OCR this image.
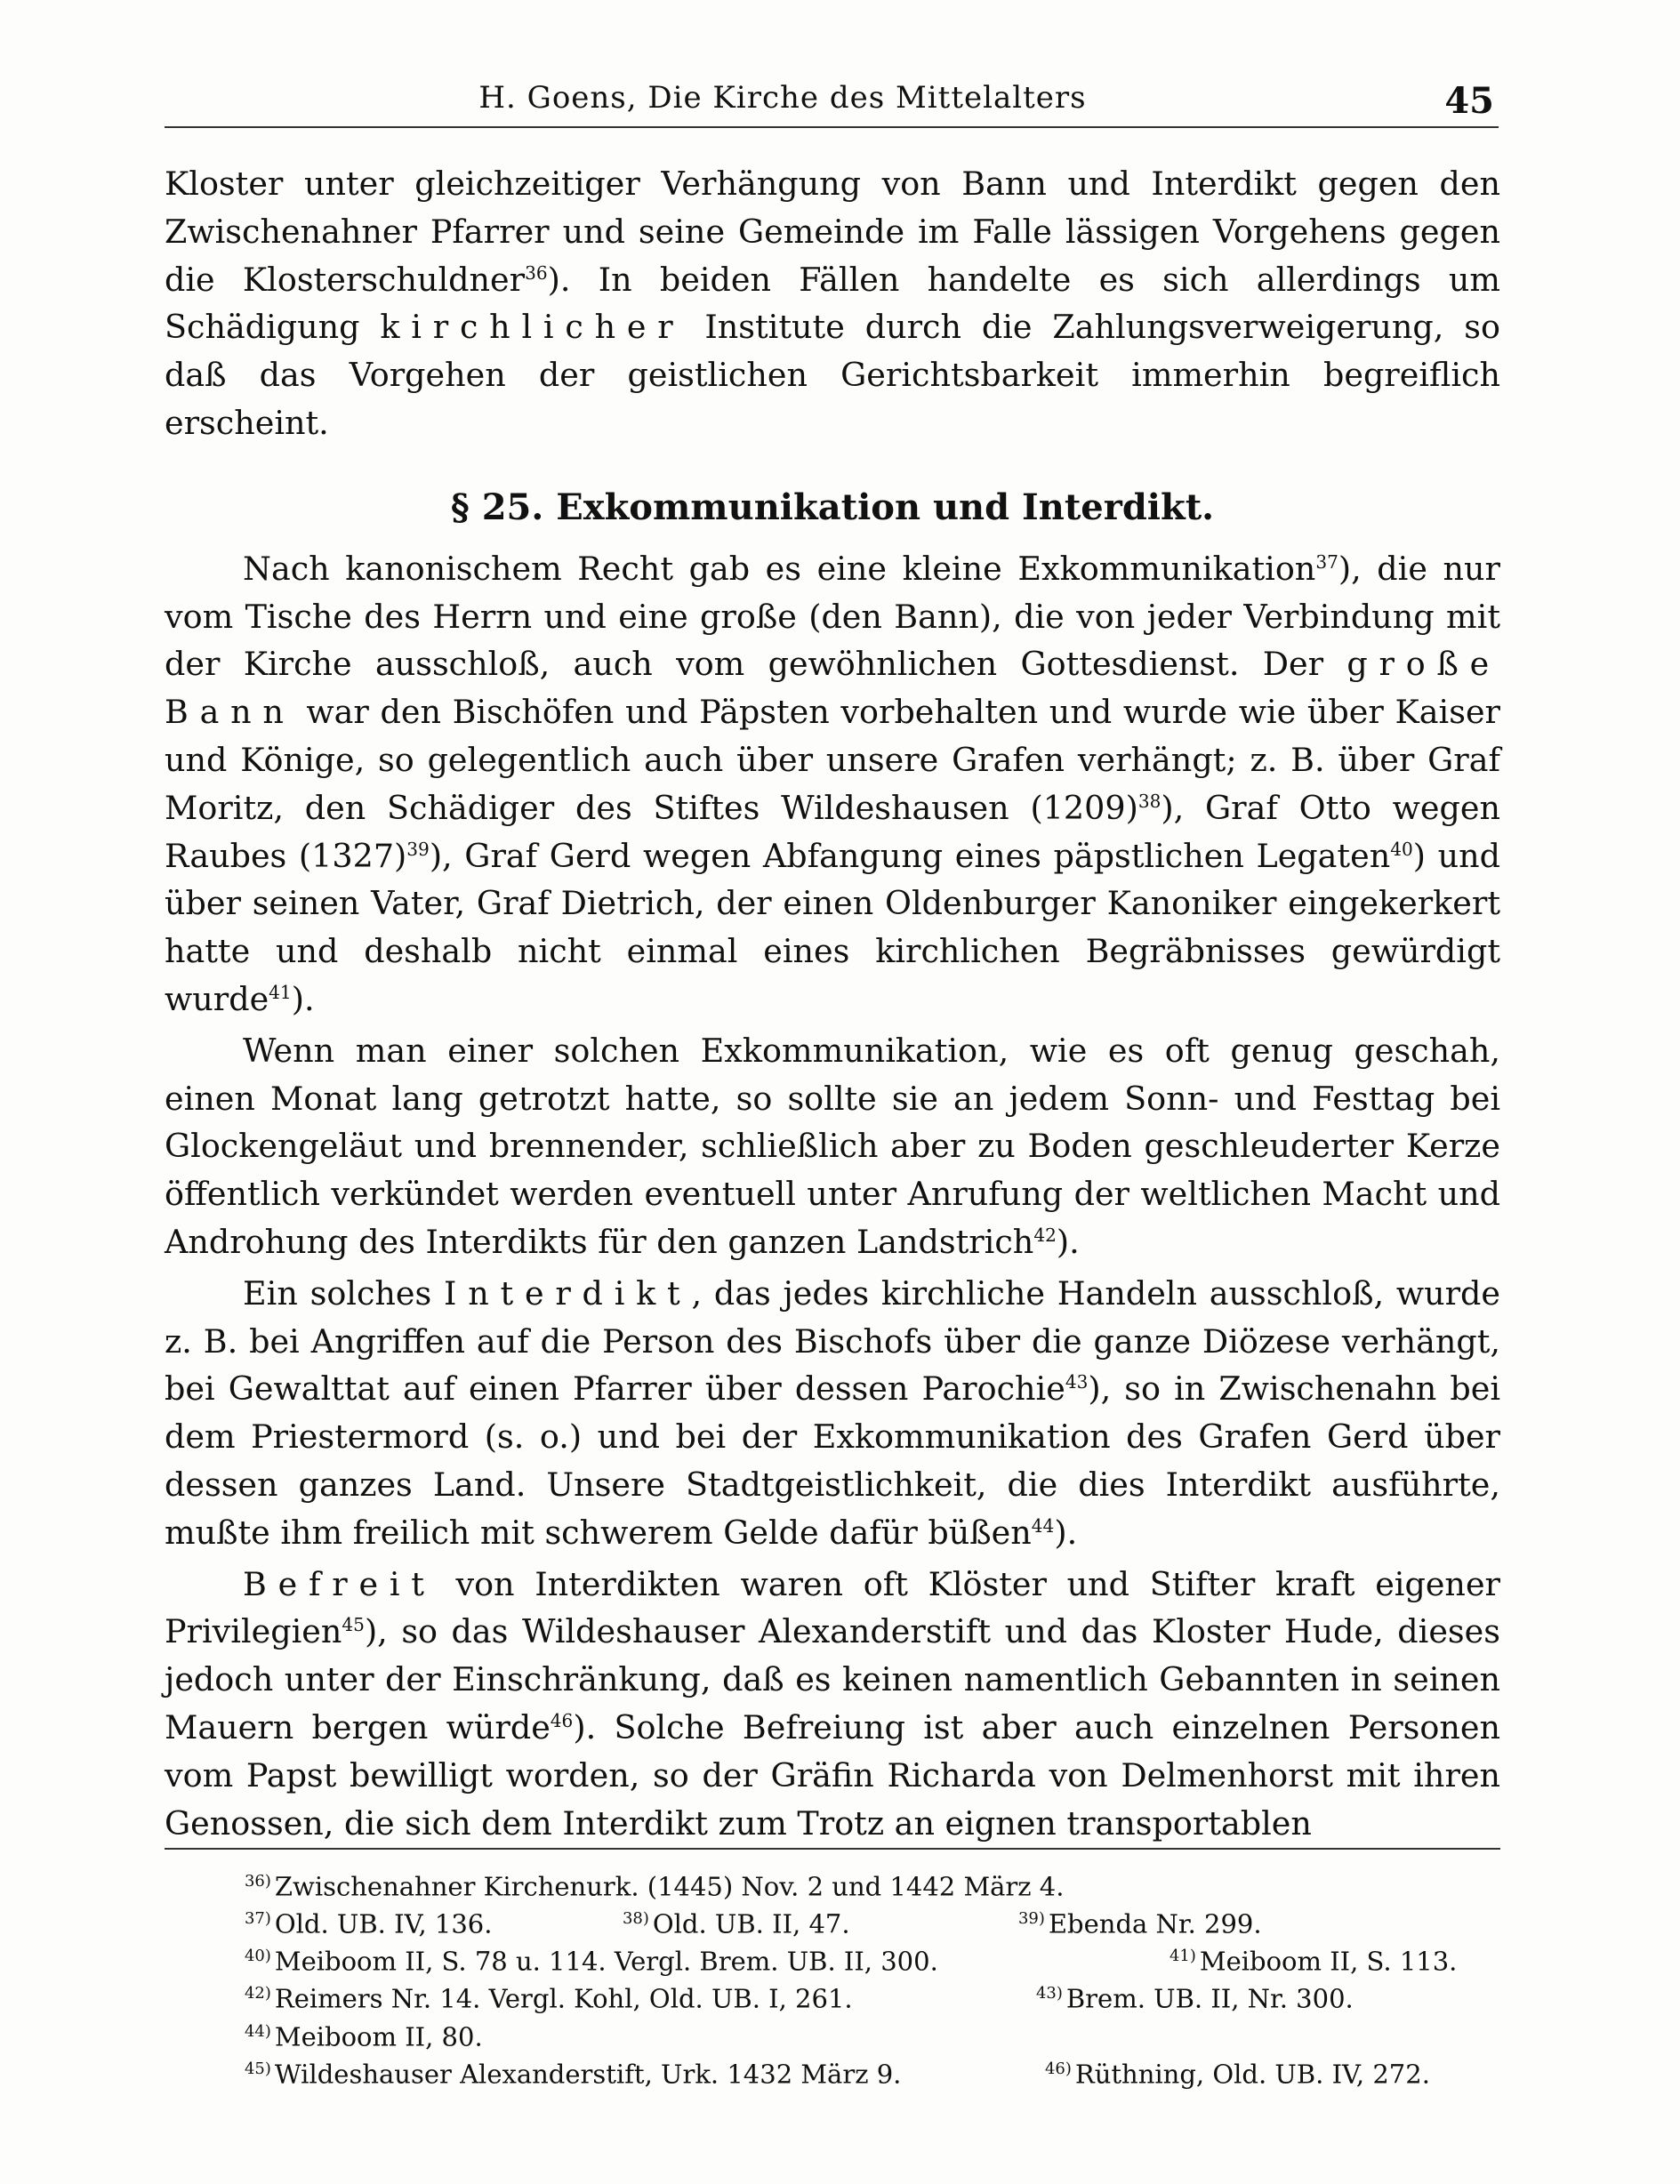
H. Goens, Die Kirche des Mittelalters	45

Kloster unter gleichzeitiger Verhängung von Bann und Interdikt gegen den Zwischenahner Pfarrer und seine Gemeinde im Falle lässigen Vorgehens gegen die Klosterschuldner$^{36}$). In beiden Fällen handelte es sich allerdings um Schädigung kirchlicher Institute durch die Zahlungsverweigerung, so daß das Vorgehen der geistlichen Gerichtsbarkeit immerhin begreiflich erscheint.

§ 25. Exkommunikation und Interdikt.

Nach kanonischem Recht gab es eine kleine Exkommunikation$^{37}$), die nur vom Tische des Herrn und eine große (den Bann), die von jeder Verbindung mit der Kirche ausschloß, auch vom gewöhnlichen Gottesdienst. Der große Bann war den Bischöfen und Päpsten vorbehalten und wurde wie über Kaiser und Könige, so gelegentlich auch über unsere Grafen verhängt; z. B. über Graf Moritz, den Schädiger des Stiftes Wildeshausen (1209)$^{38}$), Graf Otto wegen Raubes (1327)$^{39}$), Graf Gerd wegen Abfangung eines päpstlichen Legaten$^{40}$) und über seinen Vater, Graf Dietrich, der einen Oldenburger Kanoniker eingekerkert hatte und deshalb nicht einmal eines kirchlichen Begräbnisses gewürdigt wurde$^{41}$).

Wenn man einer solchen Exkommunikation, wie es oft genug geschah, einen Monat lang getrotzt hatte, so sollte sie an jedem Sonn- und Festtag bei Glockengeläut und brennender, schließlich aber zu Boden geschleuderter Kerze öffentlich verkündet werden eventuell unter Anrufung der weltlichen Macht und Androhung des Interdikts für den ganzen Landstrich$^{42}$).

Ein solches Interdikt, das jedes kirchliche Handeln ausschloß, wurde z. B. bei Angriffen auf die Person des Bischofs über die ganze Diözese verhängt, bei Gewalttat auf einen Pfarrer über dessen Parochie$^{43}$), so in Zwischenahn bei dem Priestermord (s. o.) und bei der Exkommunikation des Grafen Gerd über dessen ganzes Land. Unsere Stadtgeistlichkeit, die dies Interdikt ausführte, mußte ihm freilich mit schwerem Gelde dafür büßen$^{44}$).

Befreit von Interdikten waren oft Klöster und Stifter kraft eigener Privilegien$^{45}$), so das Wildeshauser Alexanderstift und das Kloster Hude, dieses jedoch unter der Einschränkung, daß es keinen namentlich Gebannten in seinen Mauern bergen würde$^{46}$). Solche Befreiung ist aber auch einzelnen Personen vom Papst bewilligt worden, so der Gräfin Richarda von Delmenhorst mit ihren Genossen, die sich dem Interdikt zum Trotz an eignen transportablen

$^{36)}$ Zwischenahner Kirchenurk. (1445) Nov. 2 und 1442 März 4.
$^{37)}$ Old. UB. IV, 136.	$^{38)}$ Old. UB. II, 47.	$^{39)}$ Ebenda Nr. 299.
$^{40)}$ Meiboom II, S. 78 u. 114. Vergl. Brem. UB. II, 300.	$^{41)}$ Meiboom II, S. 113.
$^{42)}$ Reimers Nr. 14. Vergl. Kohl, Old. UB. I, 261.	$^{43)}$ Brem. UB. II, Nr. 300.
$^{44)}$ Meiboom II, 80.
$^{45)}$ Wildeshauser Alexanderstift, Urk. 1432 März 9.	$^{46)}$ Rüthning, Old. UB. IV, 272.
